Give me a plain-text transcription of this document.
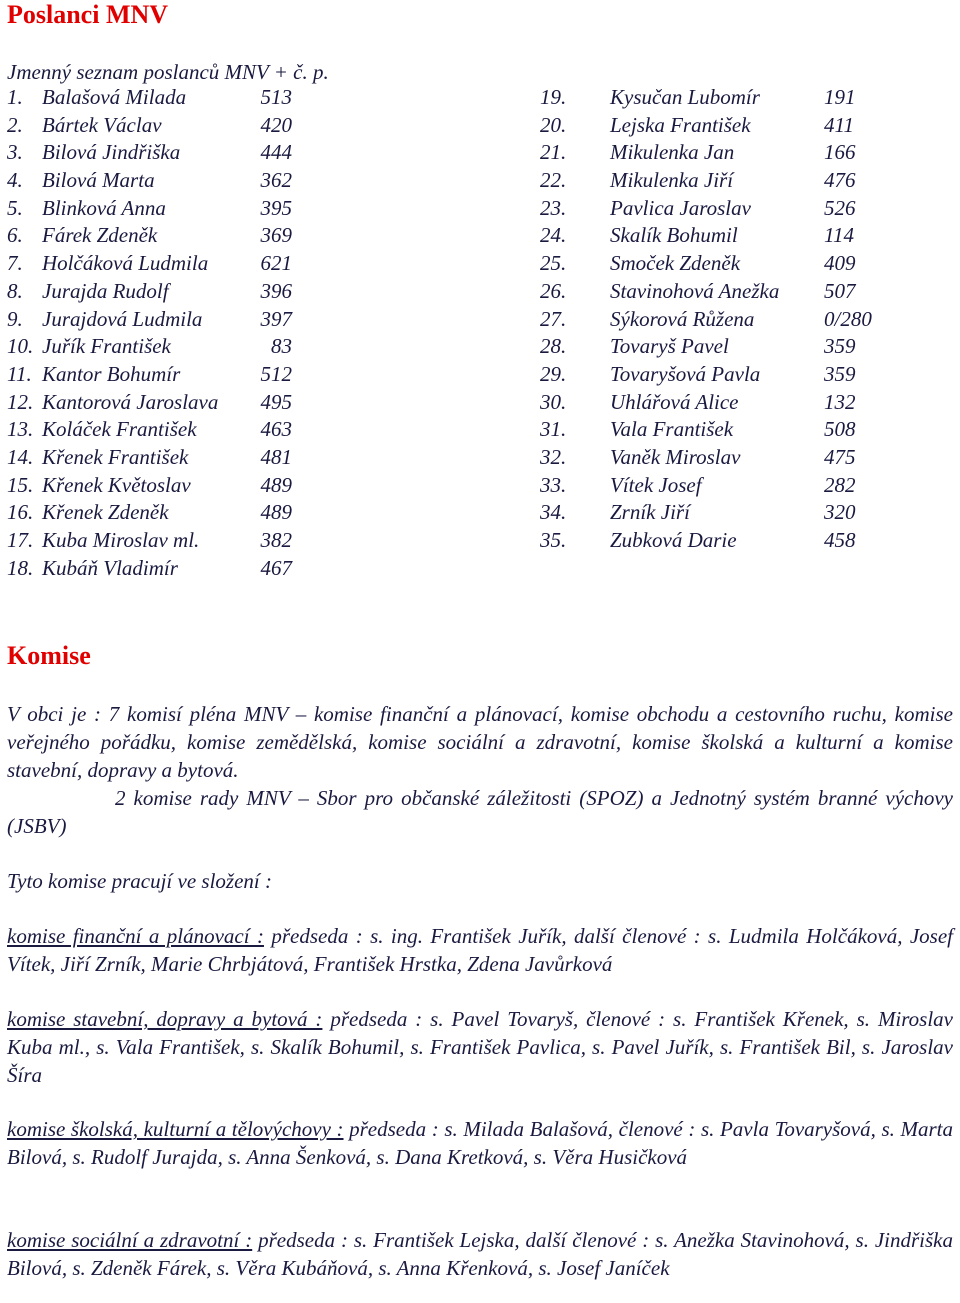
Poslanci MNV
Jmenný seznam poslanců MNV + č. p.
1. Balašová Milada	513
2. Bártek Václav	420
3. Bilová Jindřiška	444
4. Bilová Marta	362
5. Blinková Anna	395
6. Fárek Zdeněk	369
7. Holčáková Ludmila	621
8. Jurajda Rudolf	396
9. Jurajdová Ludmila	397
10. Juřík František	83
11. Kantor Bohumír	512
12. Kantorová Jaroslava	495
13. Koláček František	463
14. Křenek František	481
15. Křenek Květoslav	489
16. Křenek Zdeněk	489
17. Kuba Miroslav ml.	382
18. Kubáň Vladimír	467
19. Kysučan Lubomír	191
20. Lejska František	411
21. Mikulenka Jan	166
22. Mikulenka Jiří	476
23. Pavlica Jaroslav	526
24. Skalík Bohumil	114
25. Smoček Zdeněk	409
26. Stavinohová Anežka 507
27. Sýkorová Růžena	0/280
28. Tovaryš Pavel	359
29. Tovaryšová Pavla	359
30. Uhlářová Alice	132
31. Vala František	508
32. Vaněk Miroslav	475
33. Vítek Josef	282
34. Zrník Jiří	320
35. Zubková Darie	458
Komise

V obci je : 7 komisí pléna MNV – komise finanční a plánovací, komise obchodu a cestovního ruchu, komise veřejného pořádku, komise zemědělská, komise sociální a zdravotní, komise školská a kulturní a komise stavební, dopravy a bytová.

2 komise rady MNV – Sbor pro občanské záležitosti (SPOZ) a Jednotný systém branné výchovy (JSBV)

Tyto komise pracují ve složení :

komise finanční a plánovací : předseda : s. ing. František Juřík, další členové : s. Ludmila Holčáková, Josef Vítek, Jiří Zrník, Marie Chrbjátová, František Hrstka, Zdena Javůrková

komise stavební, dopravy a bytová : předseda : s. Pavel Tovaryš, členové : s. František Křenek, s. Miroslav Kuba ml., s. Vala František, s. Skalík Bohumil, s. František Pavlica, s. Pavel Juřík, s. František Bil, s. Jaroslav Šíra

komise školská, kulturní a tělovýchovy : předseda : s. Milada Balašová, členové : s. Pavla Tovaryšová, s. Marta Bilová, s. Rudolf Jurajda, s. Anna Šenková, s. Dana Kretková, s. Věra Husičková

komise sociální a zdravotní : předseda : s. František Lejska, další členové : s. Anežka Stavinohová, s. Jindřiška Bilová, s. Zdeněk Fárek, s. Věra Kubáňová, s. Anna Křenková, s. Josef Janíček
